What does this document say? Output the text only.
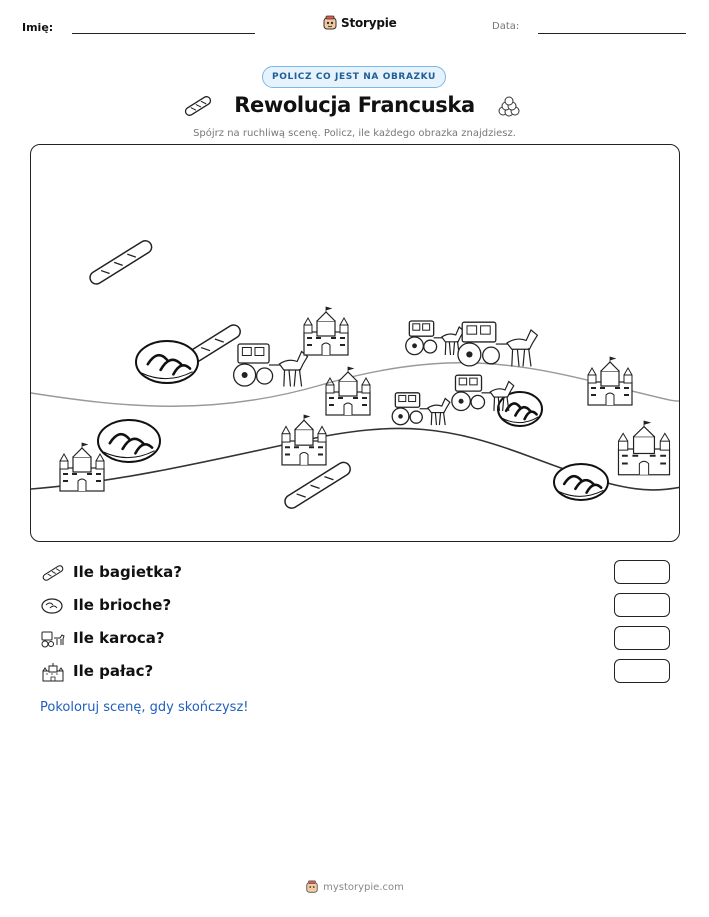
Imię:	Storypie	Data:
POLICZ CO JEST NA OBRAZKU
Rewolucja Francuska
Spójrz na ruchliwą scenę. Policz, ile każdego obrazka znajdziesz.
Ile bagietka?
Ile brioche?
Ile karoca?
Ile pałac?
Pokoloruj scenę, gdy skończysz!
mystorypie.com
